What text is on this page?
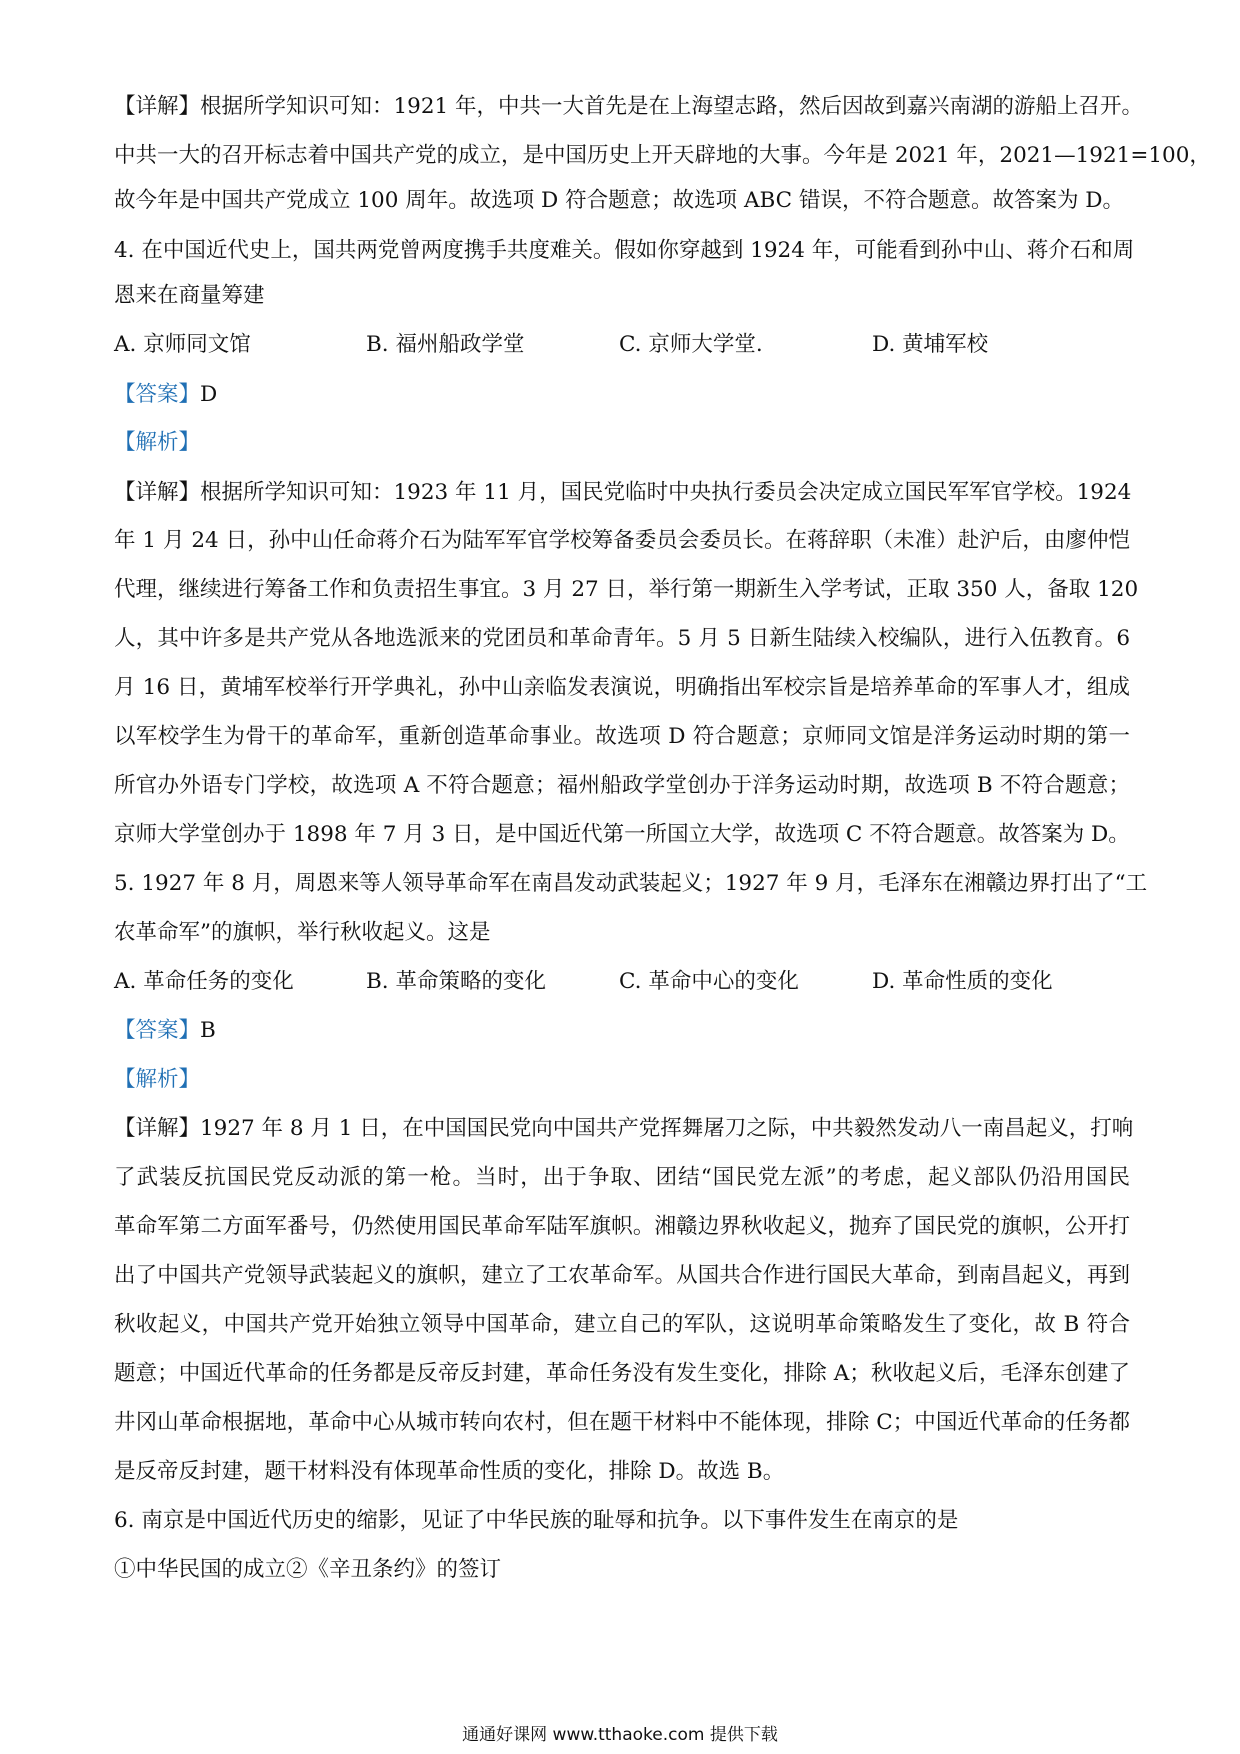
【详解】根据所学知识可知：1921 年，中共一大首先是在上海望志路，然后因故到嘉兴南湖的游船上召开。
中共一大的召开标志着中国共产党的成立，是中国历史上开天辟地的大事。今年是 2021 年，2021—1921=100，
故今年是中国共产党成立 100 周年。故选项 D 符合题意；故选项 ABC 错误，不符合题意。故答案为 D。
4. 在中国近代史上，国共两党曾两度携手共度难关。假如你穿越到 1924 年，可能看到孙中山、蒋介石和周
恩来在商量筹建
A. 京师同文馆	B. 福州船政学堂	C. 京师大学堂.	D. 黄埔军校
【答案】D
【解析】
【详解】根据所学知识可知：1923 年 11 月，国民党临时中央执行委员会决定成立国民军军官学校。1924
年 1 月 24 日，孙中山任命蒋介石为陆军军官学校筹备委员会委员长。在蒋辞职（未准）赴沪后，由廖仲恺
代理，继续进行筹备工作和负责招生事宜。3 月 27 日，举行第一期新生入学考试，正取 350 人，备取 120
人，其中许多是共产党从各地选派来的党团员和革命青年。5 月 5 日新生陆续入校编队，进行入伍教育。6
月 16 日，黄埔军校举行开学典礼，孙中山亲临发表演说，明确指出军校宗旨是培养革命的军事人才，组成
以军校学生为骨干的革命军，重新创造革命事业。故选项 D 符合题意；京师同文馆是洋务运动时期的第一
所官办外语专门学校，故选项 A 不符合题意；福州船政学堂创办于洋务运动时期，故选项 B 不符合题意；
京师大学堂创办于 1898 年 7 月 3 日，是中国近代第一所国立大学，故选项 C 不符合题意。故答案为 D。
5. 1927 年 8 月，周恩来等人领导革命军在南昌发动武装起义；1927 年 9 月，毛泽东在湘赣边界打出了“工
农革命军”的旗帜，举行秋收起义。这是
A. 革命任务的变化	B. 革命策略的变化	C. 革命中心的变化	D. 革命性质的变化
【答案】B
【解析】
【详解】1927 年 8 月 1 日，在中国国民党向中国共产党挥舞屠刀之际，中共毅然发动八一南昌起义，打响
了武装反抗国民党反动派的第一枪。当时，出于争取、团结“国民党左派”的考虑，起义部队仍沿用国民
革命军第二方面军番号，仍然使用国民革命军陆军旗帜。湘赣边界秋收起义，抛弃了国民党的旗帜，公开打
出了中国共产党领导武装起义的旗帜，建立了工农革命军。从国共合作进行国民大革命，到南昌起义，再到
秋收起义，中国共产党开始独立领导中国革命，建立自己的军队，这说明革命策略发生了变化，故 B 符合
题意；中国近代革命的任务都是反帝反封建，革命任务没有发生变化，排除 A；秋收起义后，毛泽东创建了
井冈山革命根据地，革命中心从城市转向农村，但在题干材料中不能体现，排除 C；中国近代革命的任务都
是反帝反封建，题干材料没有体现革命性质的变化，排除 D。故选 B。
6. 南京是中国近代历史的缩影，见证了中华民族的耻辱和抗争。以下事件发生在南京的是
①中华民国的成立②《辛丑条约》的签订
通通好课网 www.tthaoke.com 提供下载
